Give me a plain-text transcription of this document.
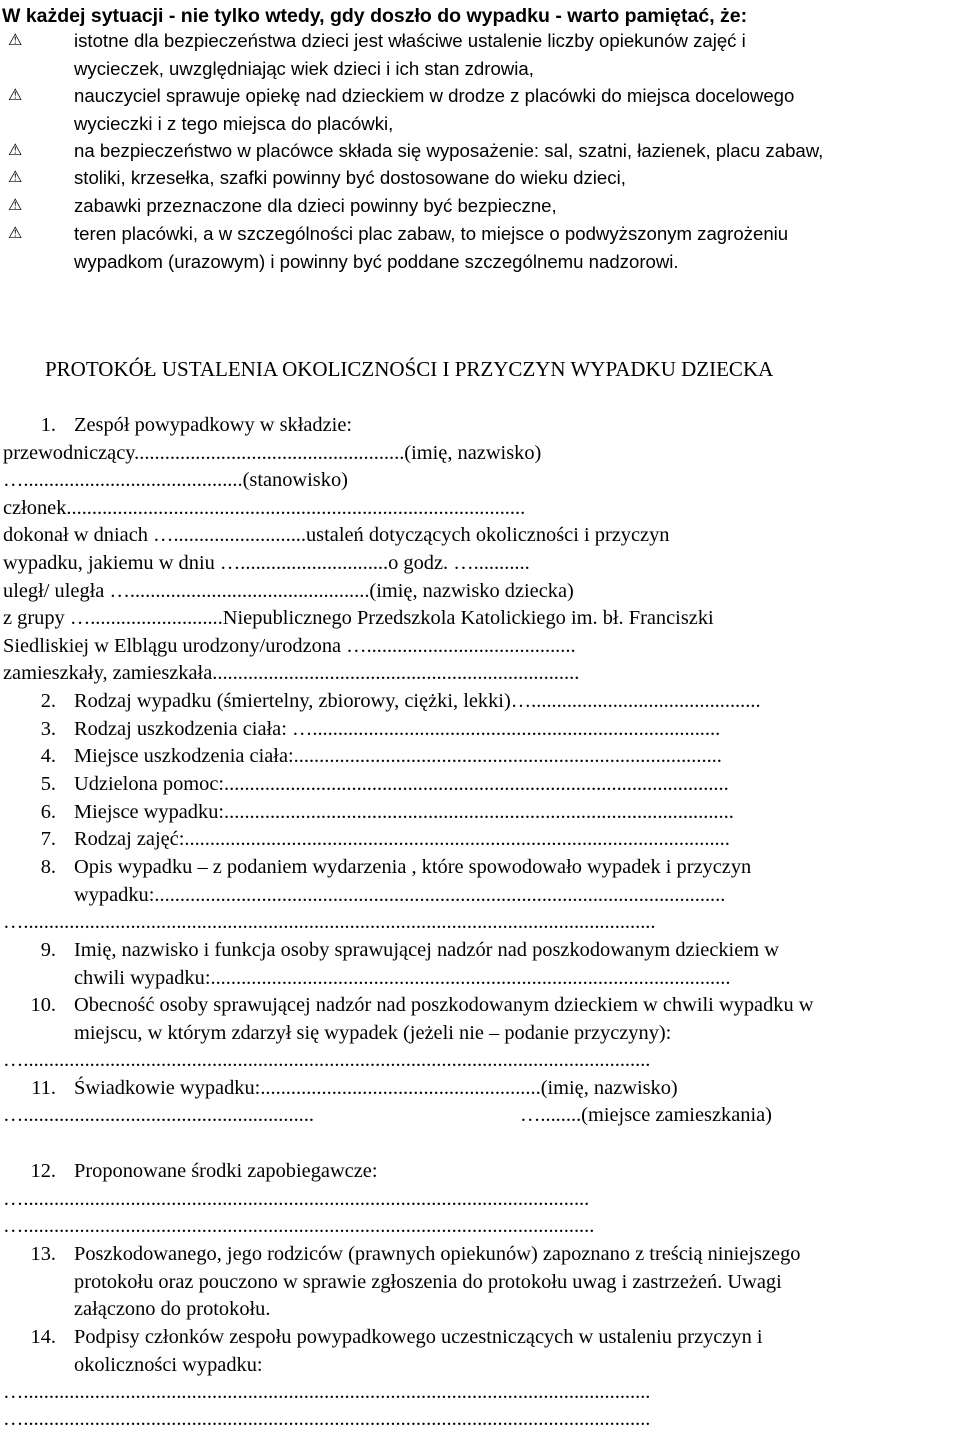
W każdej sytuacji - nie tylko wtedy, gdy doszło do wypadku - warto pamiętać, że:
⚠	istotne dla bezpieczeństwa dzieci jest właściwe ustalenie liczby opiekunów zajęć i
wycieczek, uwzględniając wiek dzieci i ich stan zdrowia,
⚠	nauczyciel sprawuje opiekę nad dzieckiem w drodze z placówki do miejsca docelowego
wycieczki i z tego miejsca do placówki,
⚠	na bezpieczeństwo w placówce składa się wyposażenie: sal, szatni, łazienek, placu zabaw,
⚠	stoliki, krzesełka, szafki powinny być dostosowane do wieku dzieci,
⚠	zabawki przeznaczone dla dzieci powinny być bezpieczne,
⚠	teren placówki, a w szczególności plac zabaw, to miejsce o podwyższonym zagrożeniu
wypadkom (urazowym) i powinny być poddane szczególnemu nadzorowi.
PROTOKÓŁ USTALENIA OKOLICZNOŚCI I PRZYCZYN WYPADKU DZIECKA
1. Zespół powypadkowy w składzie:
przewodniczący.....................................................(imię, nazwisko)
…...........................................(stanowisko)
członek..........................................................................................
dokonał w dniach …..........................ustaleń dotyczących okoliczności i przyczyn
wypadku, jakiemu w dniu ….............................o godz. …...........
uległ/ uległa …...............................................(imię, nazwisko dziecka)
z grupy …..........................Niepublicznego Przedszkola Katolickiego im. bł. Franciszki
Siedliskiej w Elblągu urodzony/urodzona ….........................................
zamieszkały, zamieszkała........................................................................
2. Rodzaj wypadku (śmiertelny, zbiorowy, ciężki, lekki)….............................................
3. Rodzaj uszkodzenia ciała: …................................................................................
4. Miejsce uszkodzenia ciała:....................................................................................
5. Udzielona pomoc:...................................................................................................
6. Miejsce wypadku:....................................................................................................
7. Rodzaj zajęć:...........................................................................................................
8. Opis wypadku – z podaniem wydarzenia , które spowodowało wypadek i przyczyn
wypadku:................................................................................................................
…............................................................................................................................
9. Imię, nazwisko i funkcja osoby sprawującej nadzór nad poszkodowanym dzieckiem w
chwili wypadku:......................................................................................................
10. Obecność osoby sprawującej nadzór nad poszkodowanym dzieckiem w chwili wypadku w
miejscu, w którym zdarzył się wypadek (jeżeli nie – podanie przyczyny):
…...........................................................................................................................
11. Świadkowie wypadku:.......................................................(imię, nazwisko)
….........................................................	…........(miejsce zamieszkania)
12. Proponowane środki zapobiegawcze:
…...............................................................................................................
…................................................................................................................
13. Poszkodowanego, jego rodziców (prawnych opiekunów) zapoznano z treścią niniejszego
protokołu oraz pouczono w sprawie zgłoszenia do protokołu uwag i zastrzeżeń. Uwagi
załączono do protokołu.
14. Podpisy członków zespołu powypadkowego uczestniczących w ustaleniu przyczyn i
okoliczności wypadku:
…...........................................................................................................................
…...........................................................................................................................
